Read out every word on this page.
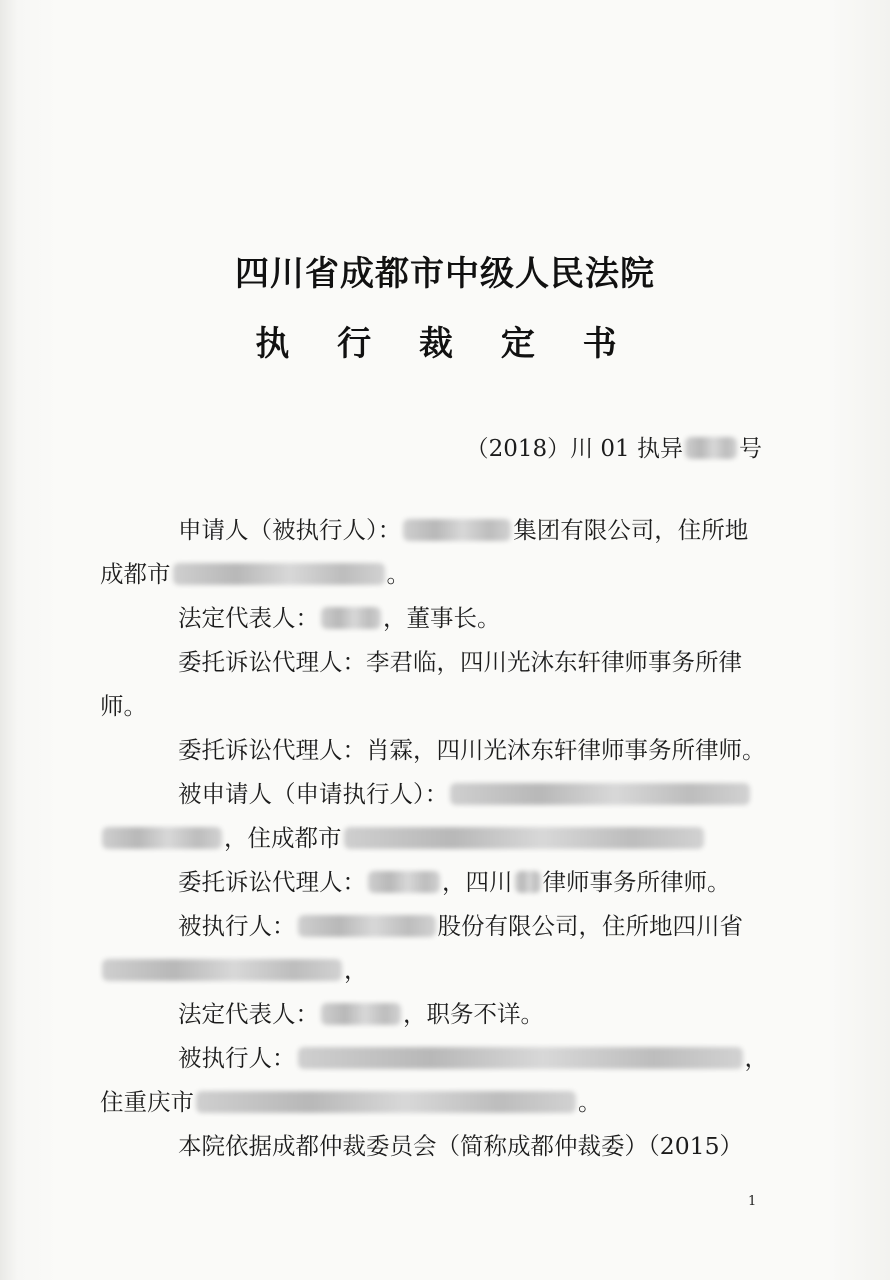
四川省成都市中级人民法院
执 行 裁 定 书
（2018）川 01 执异 号
申请人（被执行人）：	集团有限公司，住所地
成都市	。
法定代表人：	，董事长。
委托诉讼代理人：李君临，四川光沐东轩律师事务所律
师。
委托诉讼代理人：肖霖，四川光沐东轩律师事务所律师。
被申请人（申请执行人）：
，住成都市
委托诉讼代理人：	，四川 律师事务所律师。
被执行人：	股份有限公司，住所地四川省
，
法定代表人：	，职务不详。
被执行人：	，
住重庆市	。
本院依据成都仲裁委员会（简称成都仲裁委）（2015）
1
